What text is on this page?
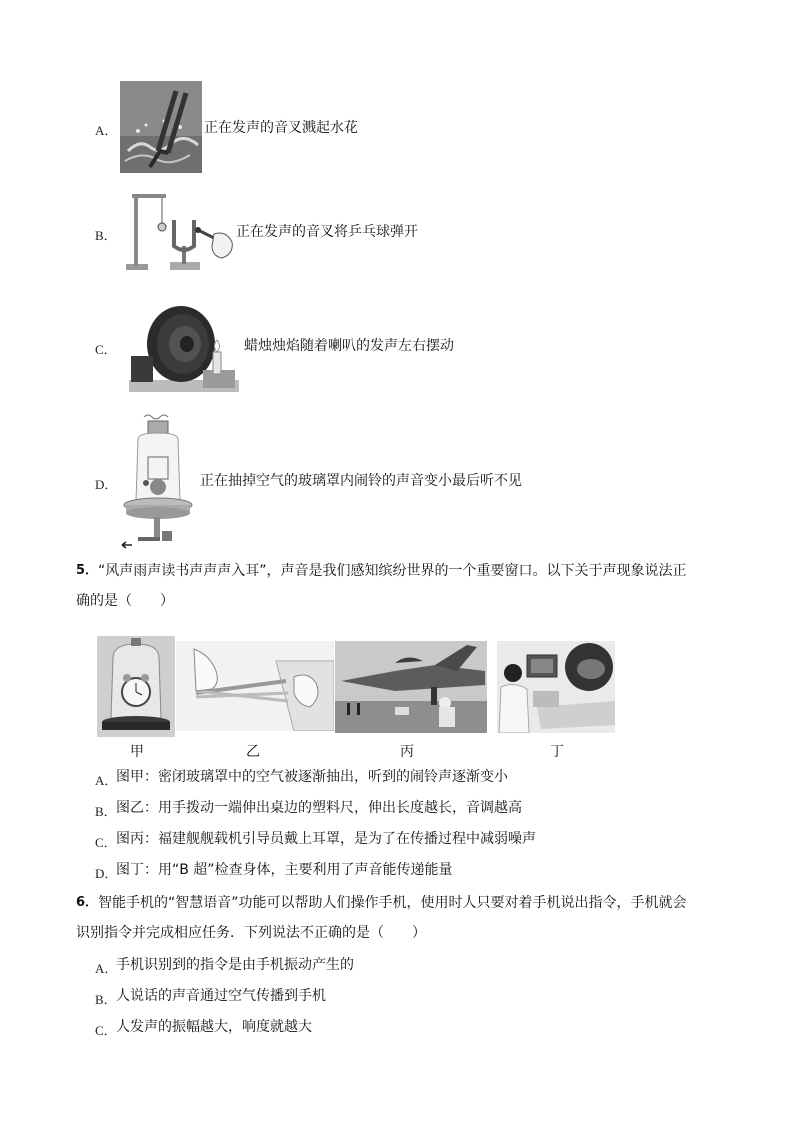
A．	正在发声的音叉溅起水花
B．	正在发声的音叉将乒乓球弹开
C．	蜡烛烛焰随着喇叭的发声左右摆动
D．	正在抽掉空气的玻璃罩内闹铃的声音变小最后听不见
5． “风声雨声读书声声声入耳”，声音是我们感知缤纷世界的一个重要窗口。以下关于声现象说法正
确的是（　　）
甲	乙	丙	丁
A．
图甲：密闭玻璃罩中的空气被逐渐抽出，听到的闹铃声逐渐变小
B． 图乙：用手拨动一端伸出桌边的塑料尺，伸出长度越长，音调越高
C． 图丙：福建舰舰载机引导员戴上耳罩，是为了在传播过程中减弱噪声
D．
图丁：用“B 超”检查身体，主要利用了声音能传递能量
6． 智能手机的“智慧语音”功能可以帮助人们操作手机，使用时人只要对着手机说出指令，手机就会
识别指令并完成相应任务．下列说法不正确的是（　　）
A．
手机识别到的指令是由手机振动产生的
B． 人说话的声音通过空气传播到手机
C． 人发声的振幅越大，响度就越大
